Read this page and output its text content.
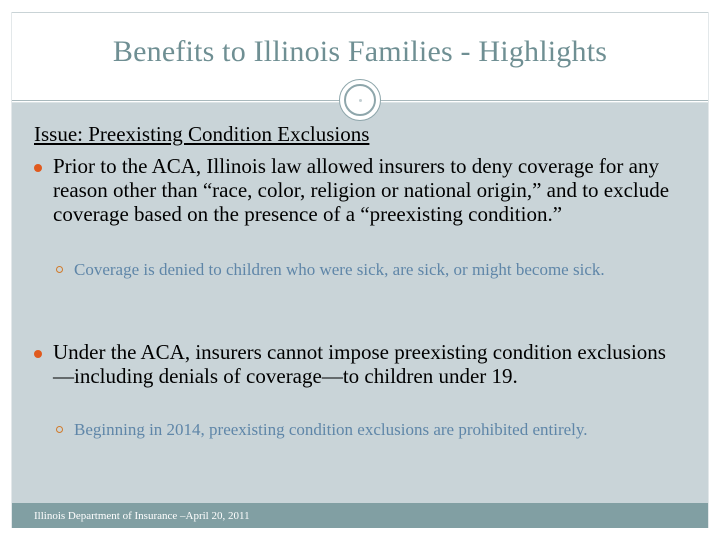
Benefits to Illinois Families - Highlights
Issue: Preexisting Condition Exclusions
Prior to the ACA, Illinois law allowed insurers to deny coverage for any reason other than “race, color, religion or national origin,” and to exclude coverage based on the presence of a “preexisting condition.”
Coverage is denied to children who were sick, are sick, or might become sick.
Under the ACA, insurers cannot impose preexisting condition exclusions—including denials of coverage—to children under 19.
Beginning in 2014, preexisting condition exclusions are prohibited entirely.
Illinois Department of Insurance –April 20, 2011
